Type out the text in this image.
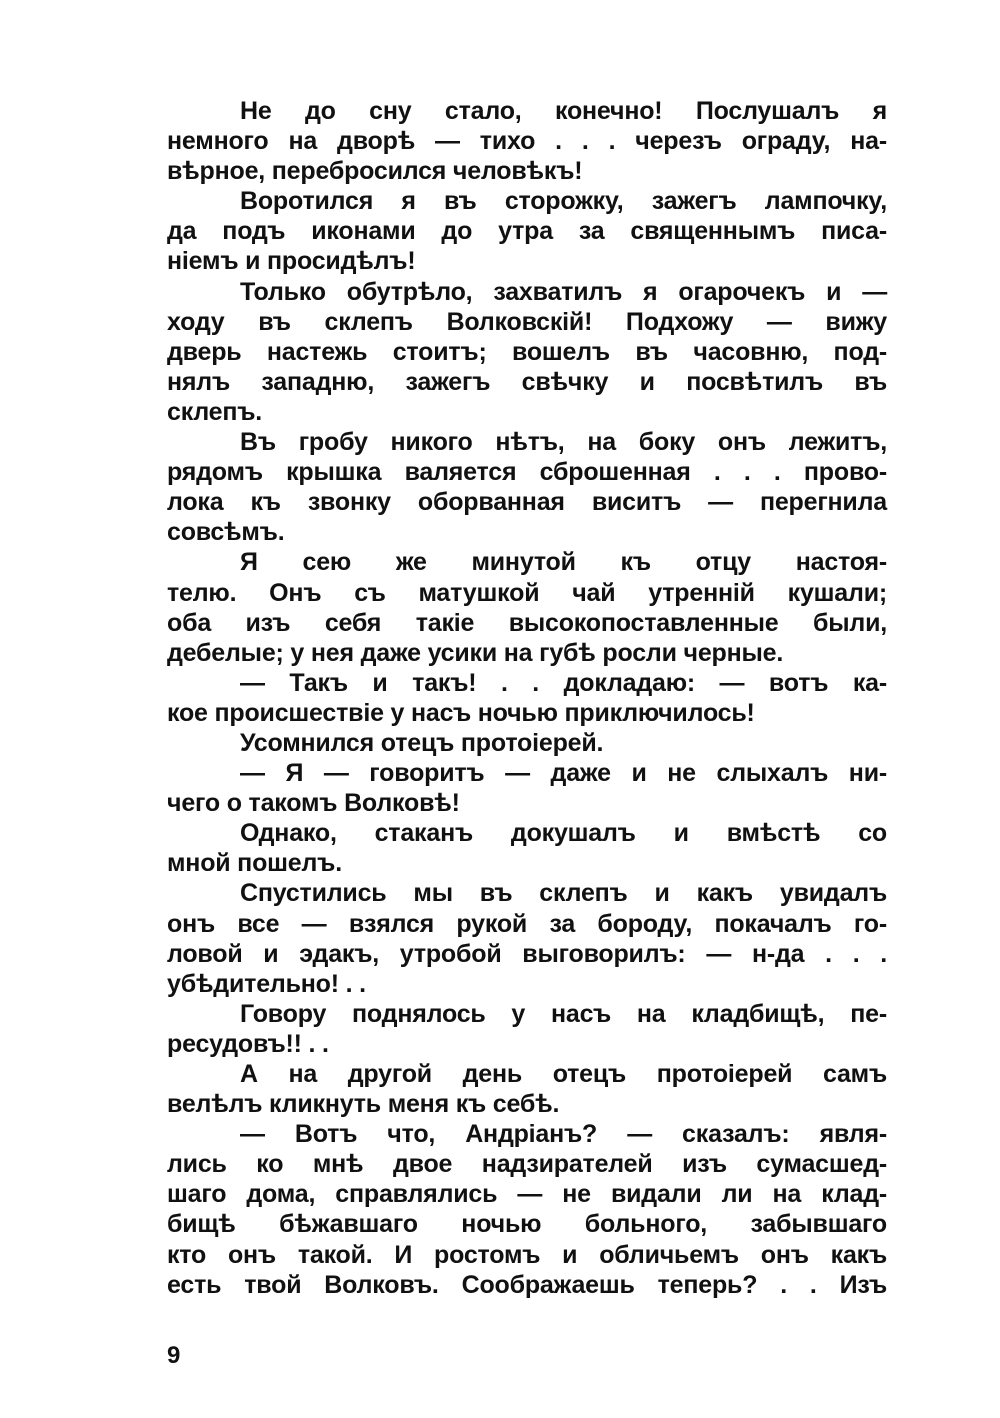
Не до сну стало, конечно! Послушалъ я
немного на дворѣ — тихо . . . черезъ ограду, на-
вѣрное, перебросился человѣкъ!
Воротился я въ сторожку, зажегъ лампочку,
да подъ иконами до утра за священнымъ писа-
ніемъ и просидѣлъ!
Только обутрѣло, захватилъ я огарочекъ и —
ходу въ склепъ Волковскій! Подхожу — вижу
дверь настежь стоитъ; вошелъ въ часовню, под-
нялъ западню, зажегъ свѣчку и посвѣтилъ въ
склепъ.
Въ гробу никого нѣтъ, на боку онъ лежитъ,
рядомъ крышка валяется сброшенная . . . прово-
лока къ звонку оборванная виситъ — перегнила
совсѣмъ.
Я сею же минутой къ отцу настоя-
телю. Онъ съ матушкой чай утренній кушали;
оба изъ себя такіе высокопоставленные были,
дебелые; у нея даже усики на губѣ росли черные.
— Такъ и такъ! . . докладаю: — вотъ ка-
кое происшествіе у насъ ночью приключилось!
Усомнился отецъ протоіерей.
— Я — говоритъ — даже и не слыхалъ ни-
чего о такомъ Волковѣ!
Однако, стаканъ докушалъ и вмѣстѣ со
мной пошелъ.
Спустились мы въ склепъ и какъ увидалъ
онъ все — взялся рукой за бороду, покачалъ го-
ловой и эдакъ, утробой выговорилъ: — н-да . . .
убѣдительно! . .
Говору поднялось у насъ на кладбищѣ, пе-
ресудовъ!! . .
А на другой день отецъ протоіерей самъ
велѣлъ кликнуть меня къ себѣ.
— Вотъ что, Андріанъ? — сказалъ: явля-
лись ко мнѣ двое надзирателей изъ сумасшед-
шаго дома, справлялись — не видали ли на клад-
бищѣ бѣжавшаго ночью больного, забывшаго
кто онъ такой. И ростомъ и обличьемъ онъ какъ
есть твой Волковъ. Соображаешь теперь? . . Изъ
9
